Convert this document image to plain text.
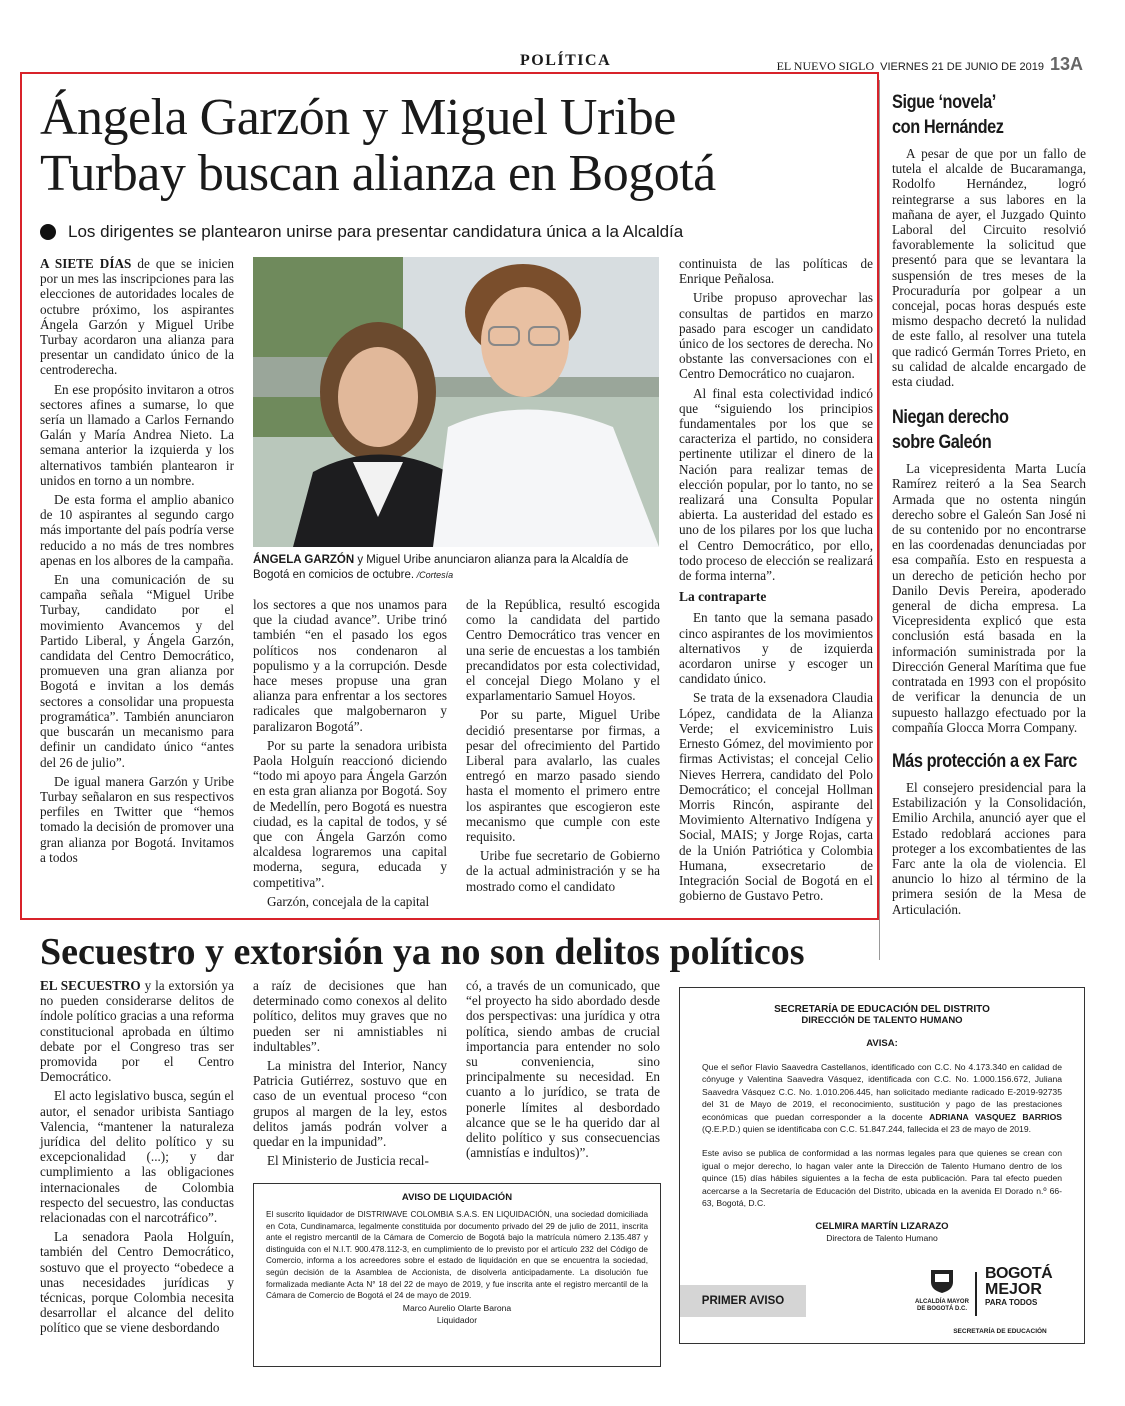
POLÍTICA	EL NUEVO SIGLO VIERNES 21 DE JUNIO DE 2019 13A
Ángela Garzón y Miguel Uribe
Turbay buscan alianza en Bogotá
Los dirigentes se plantearon unirse para presentar candidatura única a la Alcaldía

A SIETE DÍAS de que se inicien por un mes las inscripciones para las elecciones de autoridades locales de octubre próximo, los aspirantes Ángela Garzón y Miguel Uribe Turbay acordaron una alianza para presentar un candidato único de la centroderecha.

En ese propósito invitaron a otros sectores afines a sumarse, lo que sería un llamado a Carlos Fernando Galán y María Andrea Nieto. La semana anterior la izquierda y los alternativos también plantearon ir unidos en torno a un nombre.

De esta forma el amplio abanico de 10 aspirantes al segundo cargo más importante del país podría verse reducido a no más de tres nombres apenas en los albores de la campaña.

En una comunicación de su campaña señala “Miguel Uribe Turbay, candidato por el movimiento Avancemos y del Partido Liberal, y Ángela Garzón, candidata del Centro Democrático, promueven una gran alianza por Bogotá e invitan a los demás sectores a consolidar una propuesta programática”. También anunciaron que buscarán un mecanismo para definir un candidato único “antes del 26 de julio”.

De igual manera Garzón y Uribe Turbay señalaron en sus respectivos perfiles en Twitter que “hemos tomado la decisión de promover una gran alianza por Bogotá. Invitamos a todos

ÁNGELA GARZÓN y Miguel Uribe anunciaron alianza para la Alcaldía de Bogotá en comicios de octubre. /Cortesía

los sectores a que nos unamos para que la ciudad avance”. Uribe trinó también “en el pasado los egos políticos nos condenaron al populismo y a la corrupción. Desde hace meses propuse una gran alianza para enfrentar a los sectores radicales que malgobernaron y paralizaron Bogotá”.

Por su parte la senadora uribista Paola Holguín reaccionó diciendo “todo mi apoyo para Ángela Garzón en esta gran alianza por Bogotá. Soy de Medellín, pero Bogotá es nuestra ciudad, es la capital de todos, y sé que con Ángela Garzón como alcaldesa lograremos una capital moderna, segura, educada y competitiva”.

Garzón, concejala de la capital

de la República, resultó escogida como la candidata del partido Centro Democrático tras vencer en una serie de encuestas a los también precandidatos por esta colectividad, el concejal Diego Molano y el exparlamentario Samuel Hoyos.

Por su parte, Miguel Uribe decidió presentarse por firmas, a pesar del ofrecimiento del Partido Liberal para avalarlo, las cuales entregó en marzo pasado siendo hasta el momento el primero entre los aspirantes que escogieron este mecanismo que cumple con este requisito.

Uribe fue secretario de Gobierno de la actual administración y se ha mostrado como el candidato

continuista de las políticas de Enrique Peñalosa.

Uribe propuso aprovechar las consultas de partidos en marzo pasado para escoger un candidato único de los sectores de derecha. No obstante las conversaciones con el Centro Democrático no cuajaron.

Al final esta colectividad indicó que “siguiendo los principios fundamentales por los que se caracteriza el partido, no considera pertinente utilizar el dinero de la Nación para realizar temas de elección popular, por lo tanto, no se realizará una Consulta Popular abierta. La austeridad del estado es uno de los pilares por los que lucha el Centro Democrático, por ello, todo proceso de elección se realizará de forma interna”.

La contraparte

En tanto que la semana pasado cinco aspirantes de los movimientos alternativos y de izquierda acordaron unirse y escoger un candidato único.

Se trata de la exsenadora Claudia López, candidata de la Alianza Verde; el exviceministro Luis Ernesto Gómez, del movimiento por firmas Activistas; el concejal Celio Nieves Herrera, candidato del Polo Democrático; el concejal Hollman Morris Rincón, aspirante del Movimiento Alternativo Indígena y Social, MAIS; y Jorge Rojas, carta de la Unión Patriótica y Colombia Humana, exsecretario de Integración Social de Bogotá en el gobierno de Gustavo Petro.

Sigue ‘novela’
con Hernández

A pesar de que por un fallo de tutela el alcalde de Bucaramanga, Rodolfo Hernández, logró reintegrarse a sus labores en la mañana de ayer, el Juzgado Quinto Laboral del Circuito resolvió favorablemente la solicitud que presentó para que se levantara la suspensión de tres meses de la Procuraduría por golpear a un concejal, pocas horas después este mismo despacho decretó la nulidad de este fallo, al resolver una tutela que radicó Germán Torres Prieto, en su calidad de alcalde encargado de esta ciudad.

Niegan derecho
sobre Galeón

La vicepresidenta Marta Lucía Ramírez reiteró a la Sea Search Armada que no ostenta ningún derecho sobre el Galeón San José ni de su contenido por no encontrarse en las coordenadas denunciadas por esa compañía. Esto en respuesta a un derecho de petición hecho por Danilo Devis Pereira, apoderado general de dicha empresa. La Vicepresidenta explicó que esta conclusión está basada en la información suministrada por la Dirección General Marítima que fue contratada en 1993 con el propósito de verificar la denuncia de un supuesto hallazgo efectuado por la compañía Glocca Morra Company.

Más protección a ex Farc

El consejero presidencial para la Estabilización y la Consolidación, Emilio Archila, anunció ayer que el Estado redoblará acciones para proteger a los excombatientes de las Farc ante la ola de violencia. El anuncio lo hizo al término de la primera sesión de la Mesa de Articulación.

Secuestro y extorsión ya no son delitos políticos

EL SECUESTRO y la extorsión ya no pueden considerarse delitos de índole político gracias a una reforma constitucional aprobada en último debate por el Congreso tras ser promovida por el Centro Democrático.

El acto legislativo busca, según el autor, el senador uribista Santiago Valencia, “mantener la naturaleza jurídica del delito político y su excepcionalidad (...); y dar cumplimiento a las obligaciones internacionales de Colombia respecto del secuestro, las conductas relacionadas con el narcotráfico”.

La senadora Paola Holguín, también del Centro Democrático, sostuvo que el proyecto “obedece a unas necesidades jurídicas y técnicas, porque Colombia necesita desarrollar el alcance del delito político que se viene desbordando

a raíz de decisiones que han determinado como conexos al delito político, delitos muy graves que no pueden ser ni amnistiables ni indultables”.

La ministra del Interior, Nancy Patricia Gutiérrez, sostuvo que en caso de un eventual proceso “con grupos al margen de la ley, estos delitos jamás podrán volver a quedar en la impunidad”.

El Ministerio de Justicia recal-

có, a través de un comunicado, que “el proyecto ha sido abordado desde dos perspectivas: una jurídica y otra política, siendo ambas de crucial importancia para entender no solo su conveniencia, sino principalmente su necesidad. En cuanto a lo jurídico, se trata de ponerle límites al desbordado alcance que se le ha querido dar al delito político y sus consecuencias (amnistías e indultos)”.

AVISO DE LIQUIDACIÓN
El suscrito liquidador de DISTRIWAVE COLOMBIA S.A.S. EN LIQUIDACIÓN, una sociedad domiciliada en Cota, Cundinamarca, legalmente constituida por documento privado del 29 de julio de 2011, inscrita ante el registro mercantil de la Cámara de Comercio de Bogotá bajo la matrícula número 2.135.487 y distinguida con el N.I.T. 900.478.112-3, en cumplimiento de lo previsto por el artículo 232 del Código de Comercio, informa a los acreedores sobre el estado de liquidación en que se encuentra la sociedad, según decisión de la Asamblea de Accionista, de disolverla anticipadamente. La disolución fue formalizada mediante Acta N° 18 del 22 de mayo de 2019, y fue inscrita ante el registro mercantil de la Cámara de Comercio de Bogotá el 24 de mayo de 2019.
Marco Aurelio Olarte Barona
Liquidador
SECRETARÍA DE EDUCACIÓN DEL DISTRITO
DIRECCIÓN DE TALENTO HUMANO
AVISA:
Que el señor Flavio Saavedra Castellanos, identificado con C.C. No 4.173.340 en calidad de cónyuge y Valentina Saavedra Vásquez, identificada con C.C. No. 1.000.156.672, Juliana Saavedra Vásquez C.C. No. 1.010.206.445, han solicitado mediante radicado E-2019-92735 del 31 de Mayo de 2019, el reconocimiento, sustitución y pago de las prestaciones económicas que puedan corresponder a la docente ADRIANA VASQUEZ BARRIOS (Q.E.P.D.) quien se identificaba con C.C. 51.847.244, fallecida el 23 de mayo de 2019.
Este aviso se publica de conformidad a las normas legales para que quienes se crean con igual o mejor derecho, lo hagan valer ante la Dirección de Talento Humano dentro de los quince (15) días hábiles siguientes a la fecha de esta publicación. Para tal efecto pueden acercarse a la Secretaría de Educación del Distrito, ubicada en la avenida El Dorado n.º 66-63, Bogotá, D.C.
CELMIRA MARTÍN LIZARAZO
Directora de Talento Humano
PRIMER AVISO	ALCALDÍA MAYOR
DE BOGOTÁ D.C.
BOGOTÁ
MEJOR
PARA TODOS
SECRETARÍA DE EDUCACIÓN
